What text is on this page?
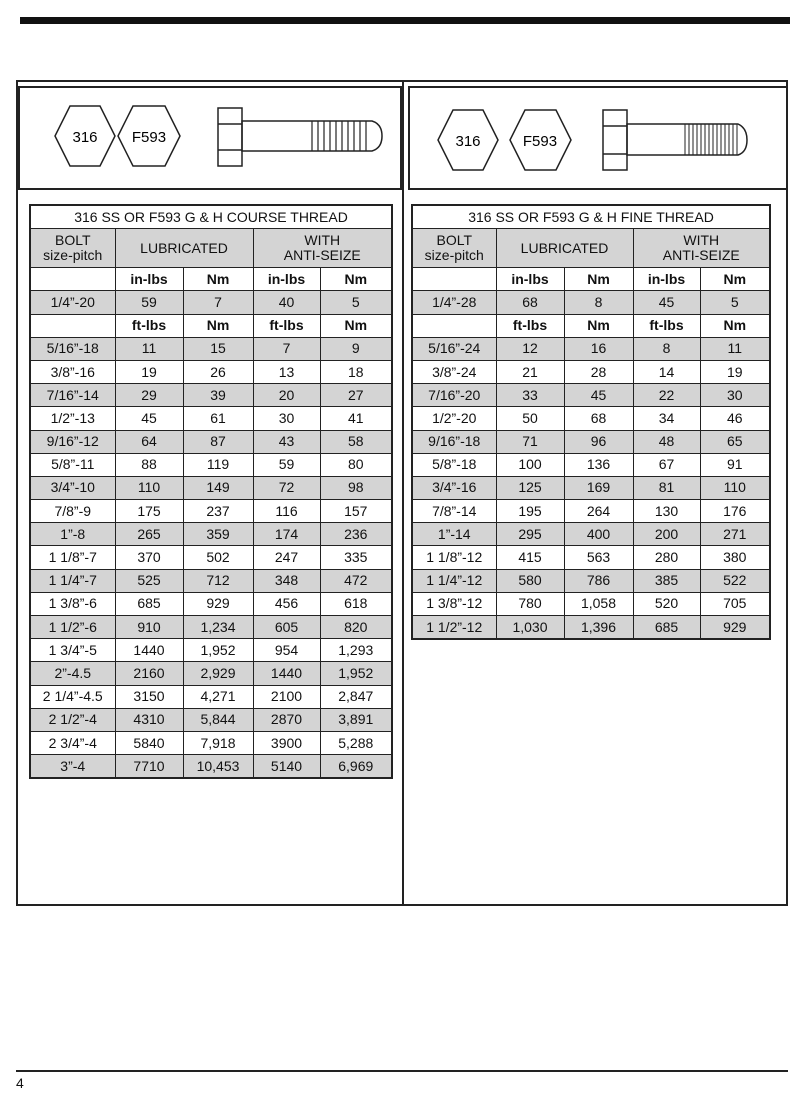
316 F593	316	F593
316 SS OR F593 G & H COURSE THREAD				
BOLT
size-pitch	LUBRICATED		WITH
ANTI-SEIZE	
	in-lbs	Nm	in-lbs	Nm
1/4”-20	59	7	40	5
	ft-lbs	Nm	ft-lbs	Nm
5/16”-18	11	15	7	9
3/8”-16	19	26	13	18
7/16”-14	29	39	20	27
1/2”-13	45	61	30	41
9/16”-12	64	87	43	58
5/8”-11	88	119	59	80
3/4”-10	110	149	72	98
7/8”-9	175	237	116	157
1”-8	265	359	174	236
1 1/8”-7	370	502	247	335
1 1/4”-7	525	712	348	472
1 3/8”-6	685	929	456	618
1 1/2”-6	910	1,234	605	820
1 3/4”-5	1440	1,952	954	1,293
2”-4.5	2160	2,929	1440	1,952
2 1/4”-4.5	3150	4,271	2100	2,847
2 1/2”-4	4310	5,844	2870	3,891
2 3/4”-4	5840	7,918	3900	5,288
3”-4	7710	10,453	5140	6,969
316 SS OR F593 G & H FINE THREAD				
BOLT
size-pitch	LUBRICATED		WITH
ANTI-SEIZE	
	in-lbs	Nm	in-lbs	Nm
1/4”-28	68	8	45	5
	ft-lbs	Nm	ft-lbs	Nm
5/16”-24	12	16	8	11
3/8”-24	21	28	14	19
7/16”-20	33	45	22	30
1/2”-20	50	68	34	46
9/16”-18	71	96	48	65
5/8”-18	100	136	67	91
3/4”-16	125	169	81	110
7/8”-14	195	264	130	176
1”-14	295	400	200	271
1 1/8”-12	415	563	280	380
1 1/4”-12	580	786	385	522
1 3/8”-12	780	1,058	520	705
1 1/2”-12	1,030	1,396	685	929
4
